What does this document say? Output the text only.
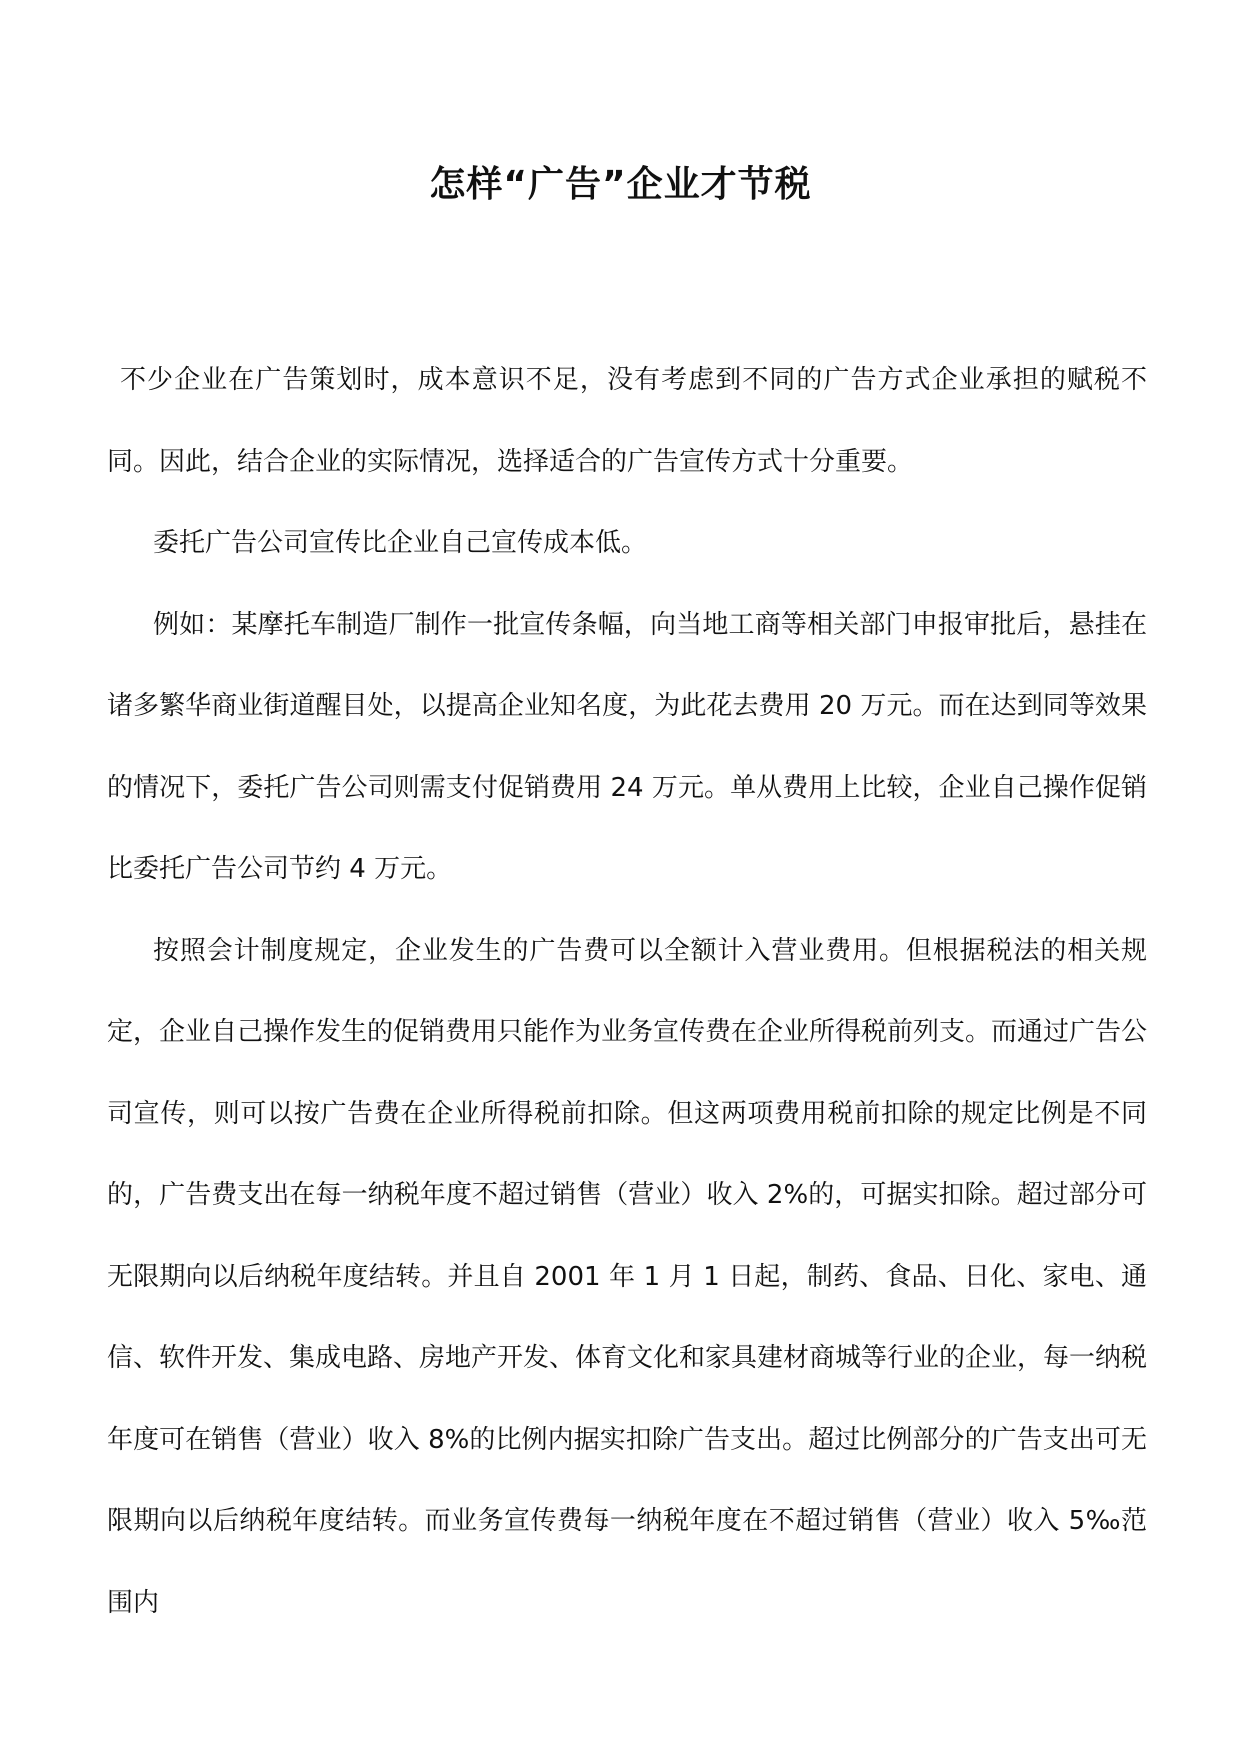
怎样“广告”企业才节税

不少企业在广告策划时，成本意识不足，没有考虑到不同的广告方式企业承担的赋税不同。因此，结合企业的实际情况，选择适合的广告宣传方式十分重要。

委托广告公司宣传比企业自己宣传成本低。

例如：某摩托车制造厂制作一批宣传条幅，向当地工商等相关部门申报审批后，悬挂在诸多繁华商业街道醒目处，以提高企业知名度，为此花去费用 20 万元。而在达到同等效果的情况下，委托广告公司则需支付促销费用 24 万元。单从费用上比较，企业自己操作促销比委托广告公司节约 4 万元。

按照会计制度规定，企业发生的广告费可以全额计入营业费用。但根据税法的相关规定，企业自己操作发生的促销费用只能作为业务宣传费在企业所得税前列支。而通过广告公司宣传，则可以按广告费在企业所得税前扣除。但这两项费用税前扣除的规定比例是不同的，广告费支出在每一纳税年度不超过销售（营业）收入 2%的，可据实扣除。超过部分可无限期向以后纳税年度结转。并且自 2001 年 1 月 1 日起，制药、食品、日化、家电、通信、软件开发、集成电路、房地产开发、体育文化和家具建材商城等行业的企业，每一纳税年度可在销售（营业）收入 8%的比例内据实扣除广告支出。超过比例部分的广告支出可无限期向以后纳税年度结转。而业务宣传费每一纳税年度在不超过销售（营业）收入 5‰范围内
